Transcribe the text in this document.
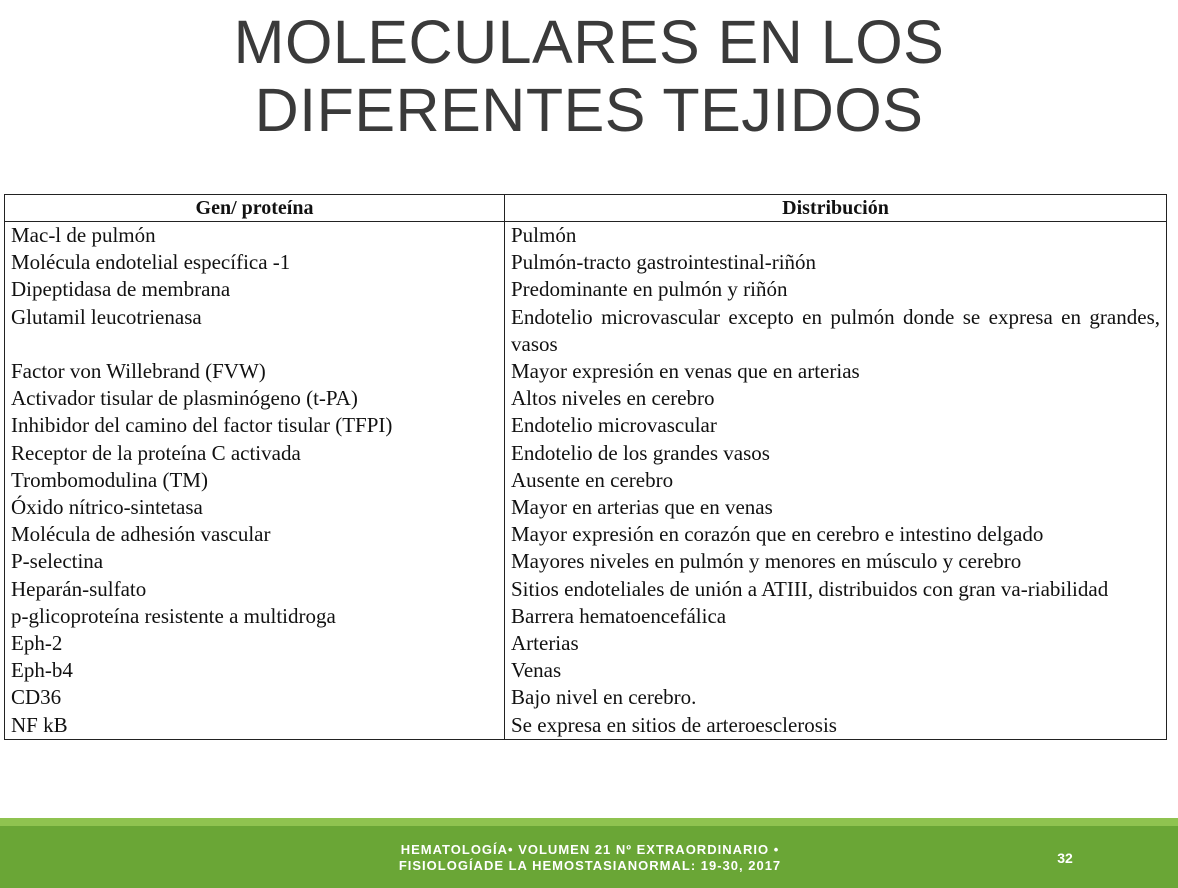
MOLECULARES EN LOS
DIFERENTES TEJIDOS
Gen/ proteína	Distribución
Mac-l de pulmón	Pulmón
Molécula endotelial específica -1	Pulmón-tracto gastrointestinal-riñón
Dipeptidasa de membrana	Predominante en pulmón y riñón
Glutamil leucotrienasa	Endotelio microvascular excepto en pulmón donde se expresa en grandes, vasos
Factor von Willebrand (FVW)	Mayor expresión en venas que en arterias
Activador tisular de plasminógeno (t-PA)	Altos niveles en cerebro
Inhibidor del camino del factor tisular (TFPI)	Endotelio microvascular
Receptor de la proteína C activada	Endotelio de los grandes vasos
Trombomodulina (TM)	Ausente en cerebro
Óxido nítrico-sintetasa	Mayor en arterias que en venas
Molécula de adhesión vascular	Mayor expresión en corazón que en cerebro e intestino delgado
P-selectina	Mayores niveles en pulmón y menores en músculo y cerebro
Heparán-sulfato	Sitios endoteliales de unión a ATIII, distribuidos con gran va-riabilidad
p-glicoproteína resistente a multidroga	Barrera hematoencefálica
Eph-2	Arterias
Eph-b4	Venas
CD36	Bajo nivel en cerebro.
NF kB	Se expresa en sitios de arteroesclerosis
HEMATOLOGÍA• VOLUMEN 21 Nº EXTRAORDINARIO •
FISIOLOGÍADE LA HEMOSTASIANORMAL: 19-30, 2017	32
